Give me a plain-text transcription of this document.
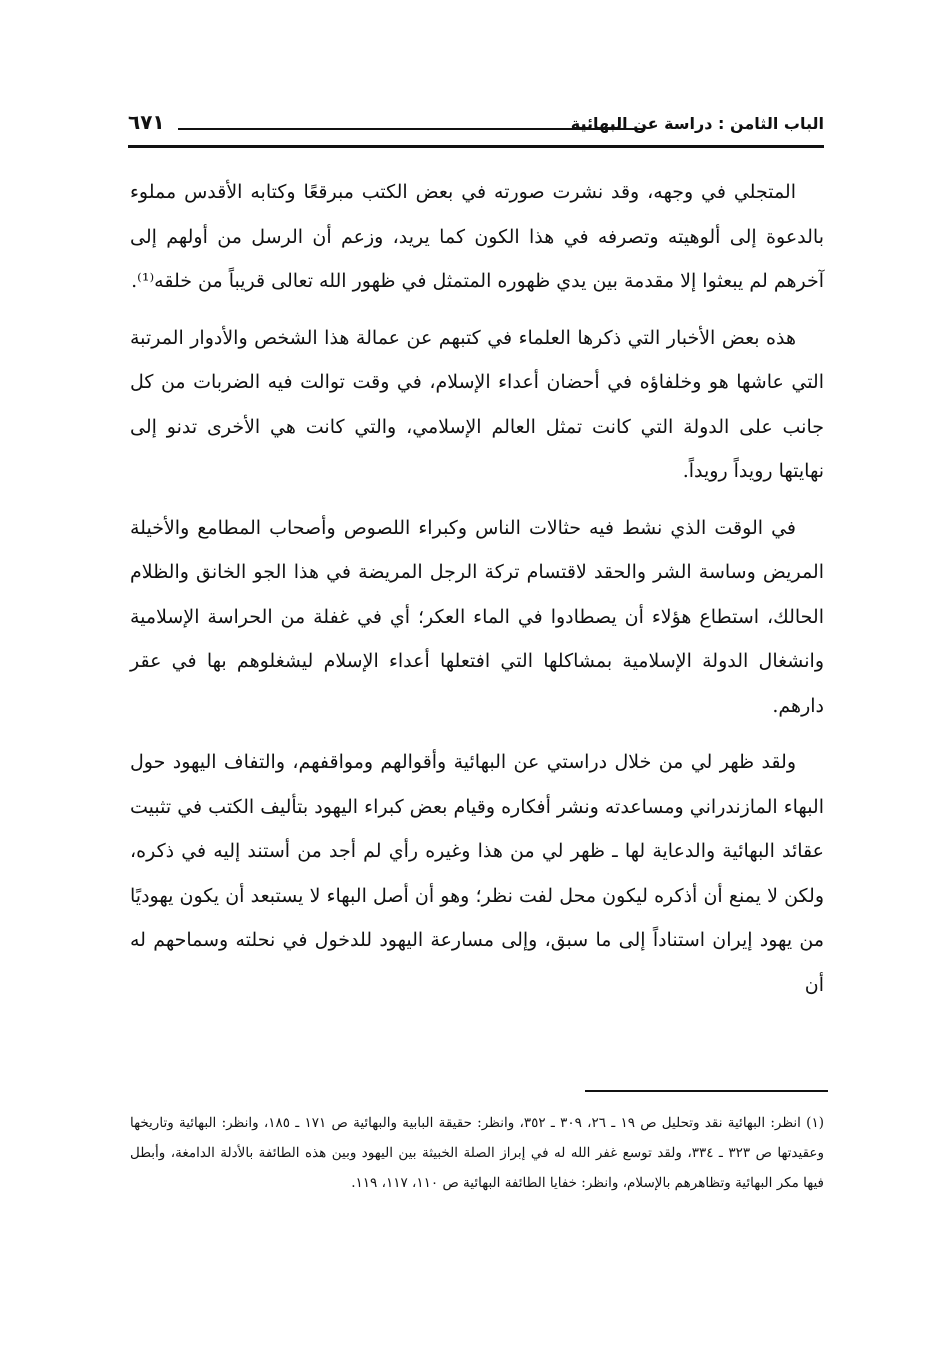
الباب الثامن : دراسة عن البهائية
٦٧١

المتجلي في وجهه، وقد نشرت صورته في بعض الكتب مبرقعًا وكتابه الأقدس مملوء بالدعوة إلى ألوهيته وتصرفه في هذا الكون كما يريد، وزعم أن الرسل من أولهم إلى آخرهم لم يبعثوا إلا مقدمة بين يدي ظهوره المتمثل في ظهور الله تعالى قريباً من خلقه⁽¹⁾.

هذه بعض الأخبار التي ذكرها العلماء في كتبهم عن عمالة هذا الشخص والأدوار المرتبة التي عاشها هو وخلفاؤه في أحضان أعداء الإسلام، في وقت توالت فيه الضربات من كل جانب على الدولة التي كانت تمثل العالم الإسلامي، والتي كانت هي الأخرى تدنو إلى نهايتها رويداً رويداً.

في الوقت الذي نشط فيه حثالات الناس وكبراء اللصوص وأصحاب المطامع والأخيلة المريض وساسة الشر والحقد لاقتسام تركة الرجل المريضة في هذا الجو الخانق والظلام الحالك، استطاع هؤلاء أن يصطادوا في الماء العكر؛ أي في غفلة من الحراسة الإسلامية وانشغال الدولة الإسلامية بمشاكلها التي افتعلها أعداء الإسلام ليشغلوهم بها في عقر دارهم.

ولقد ظهر لي من خلال دراستي عن البهائية وأقوالهم ومواقفهم، والتفاف اليهود حول البهاء المازندراني ومساعدته ونشر أفكاره وقيام بعض كبراء اليهود بتأليف الكتب في تثبيت عقائد البهائية والدعاية لها ـ ظهر لي من هذا وغيره رأي لم أجد من أستند إليه في ذكره، ولكن لا يمنع أن أذكره ليكون محل لفت نظر؛ وهو أن أصل البهاء لا يستبعد أن يكون يهوديًا من يهود إيران استناداً إلى ما سبق، وإلى مسارعة اليهود للدخول في نحلته وسماحهم له أن

(١) انظر: البهائية نقد وتحليل ص ١٩ ـ ٢٦، ٣٠٩ ـ ٣٥٢، وانظر: حقيقة البابية والبهائية ص ١٧١ ـ ١٨٥، وانظر: البهائية وتاريخها وعقيدتها ص ٣٢٣ ـ ٣٣٤، ولقد توسع غفر الله له في إبراز الصلة الخبيثة بين اليهود وبين هذه الطائفة بالأدلة الدامغة، وأبطل فيها مكر البهائية وتظاهرهم بالإسلام، وانظر: خفايا الطائفة البهائية ص ١١٠، ١١٧، ١١٩.
